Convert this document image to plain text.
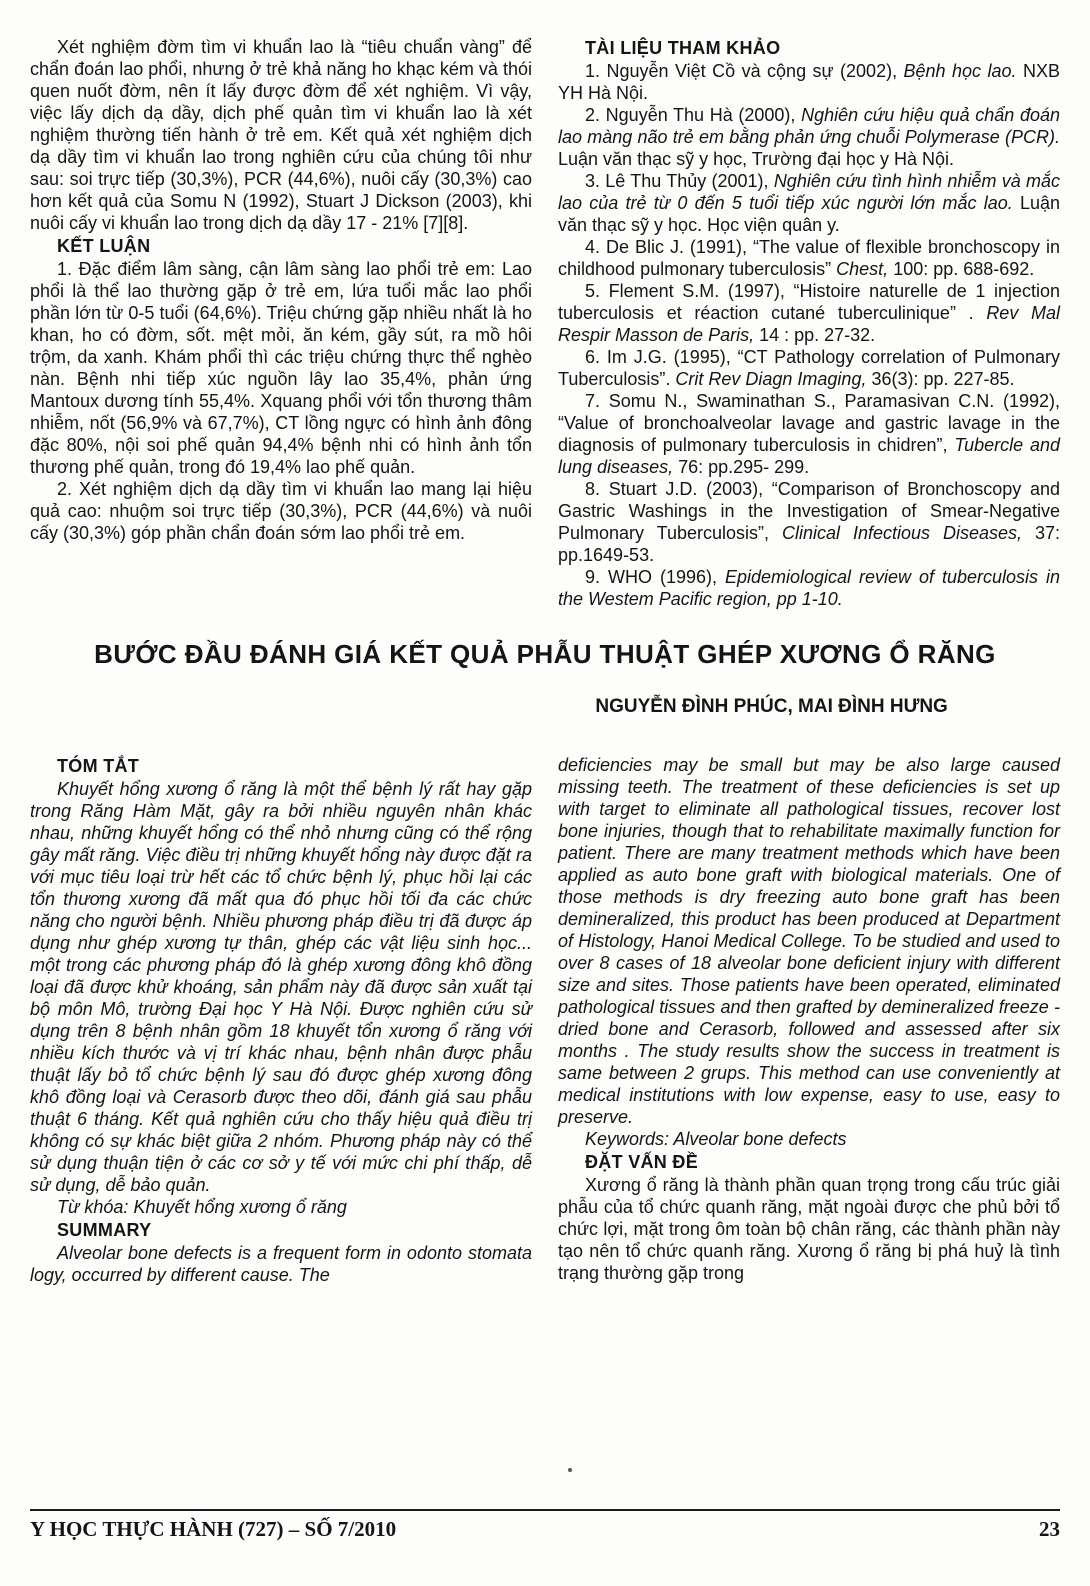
Xét nghiệm đờm tìm vi khuẩn lao là “tiêu chuẩn vàng” để chẩn đoán lao phổi, nhưng ở trẻ khả năng ho khạc kém và thói quen nuốt đờm, nên ít lấy được đờm để xét nghiệm. Vì vậy, việc lấy dịch dạ dầy, dịch phế quản tìm vi khuẩn lao là xét nghiệm thường tiến hành ở trẻ em. Kết quả xét nghiệm dịch dạ dầy tìm vi khuẩn lao trong nghiên cứu của chúng tôi như sau: soi trực tiếp (30,3%), PCR (44,6%), nuôi cấy (30,3%) cao hơn kết quả của Somu N (1992), Stuart J Dickson (2003), khi nuôi cấy vi khuẩn lao trong dịch dạ dầy 17 - 21% [7][8].

KẾT LUẬN

1. Đặc điểm lâm sàng, cận lâm sàng lao phổi trẻ em: Lao phổi là thể lao thường gặp ở trẻ em, lứa tuổi mắc lao phổi phần lớn từ 0-5 tuổi (64,6%). Triệu chứng gặp nhiều nhất là ho khan, ho có đờm, sốt. mệt mỏi, ăn kém, gầy sút, ra mồ hôi trộm, da xanh. Khám phổi thì các triệu chứng thực thể nghèo nàn. Bệnh nhi tiếp xúc nguồn lây lao 35,4%, phản ứng Mantoux dương tính 55,4%. Xquang phổi với tổn thương thâm nhiễm, nốt (56,9% và 67,7%), CT lồng ngực có hình ảnh đông đặc 80%, nội soi phế quản 94,4% bệnh nhi có hình ảnh tổn thương phế quản, trong đó 19,4% lao phế quản.

2. Xét nghiệm dịch dạ dầy tìm vi khuẩn lao mang lại hiệu quả cao: nhuộm soi trực tiếp (30,3%), PCR (44,6%) và nuôi cấy (30,3%) góp phần chẩn đoán sớm lao phổi trẻ em.

TÀI LIỆU THAM KHẢO

1. Nguyễn Việt Cồ và cộng sự (2002), Bệnh học lao. NXB YH Hà Nội.

2. Nguyễn Thu Hà (2000), Nghiên cứu hiệu quả chẩn đoán lao màng não trẻ em bằng phản ứng chuỗi Polymerase (PCR). Luận văn thạc sỹ y học, Trường đại học y Hà Nội.

3. Lê Thu Thủy (2001), Nghiên cứu tình hình nhiễm và mắc lao của trẻ từ 0 đến 5 tuổi tiếp xúc người lớn mắc lao. Luận văn thạc sỹ y học. Học viện quân y.

4. De Blic J. (1991), “The value of flexible bronchoscopy in childhood pulmonary tuberculosis” Chest, 100: pp. 688-692.

5. Flement S.M. (1997), “Histoire naturelle de 1 injection tuberculosis et réaction cutané tuberculinique” . Rev Mal Respir Masson de Paris, 14 : pp. 27-32.

6. Im J.G. (1995), “CT Pathology correlation of Pulmonary Tuberculosis”. Crit Rev Diagn Imaging, 36(3): pp. 227-85.

7. Somu N., Swaminathan S., Paramasivan C.N. (1992), “Value of bronchoalveolar lavage and gastric lavage in the diagnosis of pulmonary tuberculosis in chidren”, Tubercle and lung diseases, 76: pp.295- 299.

8. Stuart J.D. (2003), “Comparison of Bronchoscopy and Gastric Washings in the Investigation of Smear-Negative Pulmonary Tuberculosis”, Clinical Infectious Diseases, 37: pp.1649-53.

9. WHO (1996), Epidemiological review of tuberculosis in the Westem Pacific region, pp 1-10.

BƯỚC ĐẦU ĐÁNH GIÁ KẾT QUẢ PHẪU THUẬT GHÉP XƯƠNG Ổ RĂNG
NGUYỄN ĐÌNH PHÚC, MAI ĐÌNH HƯNG

TÓM TẮT

Khuyết hổng xương ổ răng là một thể bệnh lý rất hay gặp trong Răng Hàm Mặt, gây ra bởi nhiều nguyên nhân khác nhau, những khuyết hổng có thể nhỏ nhưng cũng có thể rộng gây mất răng. Việc điều trị những khuyết hổng này được đặt ra với mục tiêu loại trừ hết các tổ chức bệnh lý, phục hồi lại các tổn thương xương đã mất qua đó phục hồi tối đa các chức năng cho người bệnh. Nhiều phương pháp điều trị đã được áp dụng như ghép xương tự thân, ghép các vật liệu sinh học... một trong các phương pháp đó là ghép xương đông khô đồng loại đã được khử khoáng, sản phẩm này đã được sản xuất tại bộ môn Mô, trường Đại học Y Hà Nội. Được nghiên cứu sử dụng trên 8 bệnh nhân gồm 18 khuyết tổn xương ổ răng với nhiều kích thước và vị trí khác nhau, bệnh nhân được phẫu thuật lấy bỏ tổ chức bệnh lý sau đó được ghép xương đông khô đồng loại và Cerasorb được theo dõi, đánh giá sau phẫu thuật 6 tháng. Kết quả nghiên cứu cho thấy hiệu quả điều trị không có sự khác biệt giữa 2 nhóm. Phương pháp này có thể sử dụng thuận tiện ở các cơ sở y tế với mức chi phí thấp, dễ sử dụng, dễ bảo quản.

Từ khóa: Khuyết hổng xương ổ răng

SUMMARY

Alveolar bone defects is a frequent form in odonto stomata logy, occurred by different cause. The

deficiencies may be small but may be also large caused missing teeth. The treatment of these deficiencies is set up with target to eliminate all pathological tissues, recover lost bone injuries, though that to rehabilitate maximally function for patient. There are many treatment methods which have been applied as auto bone graft with biological materials. One of those methods is dry freezing auto bone graft has been demineralized, this product has been produced at Department of Histology, Hanoi Medical College. To be studied and used to over 8 cases of 18 alveolar bone deficient injury with different size and sites. Those patients have been operated, eliminated pathological tissues and then grafted by demineralized freeze - dried bone and Cerasorb, followed and assessed after six months . The study results show the success in treatment is same between 2 grups. This method can use conveniently at medical institutions with low expense, easy to use, easy to preserve.

Keywords: Alveolar bone defects

ĐẶT VẤN ĐỀ

Xương ổ răng là thành phần quan trọng trong cấu trúc giải phẫu của tổ chức quanh răng, mặt ngoài được che phủ bởi tổ chức lợi, mặt trong ôm toàn bộ chân răng, các thành phần này tạo nên tổ chức quanh răng. Xương ổ răng bị phá huỷ là tình trạng thường gặp trong

Y HỌC THỰC HÀNH (727) – SỐ 7/2010	23
